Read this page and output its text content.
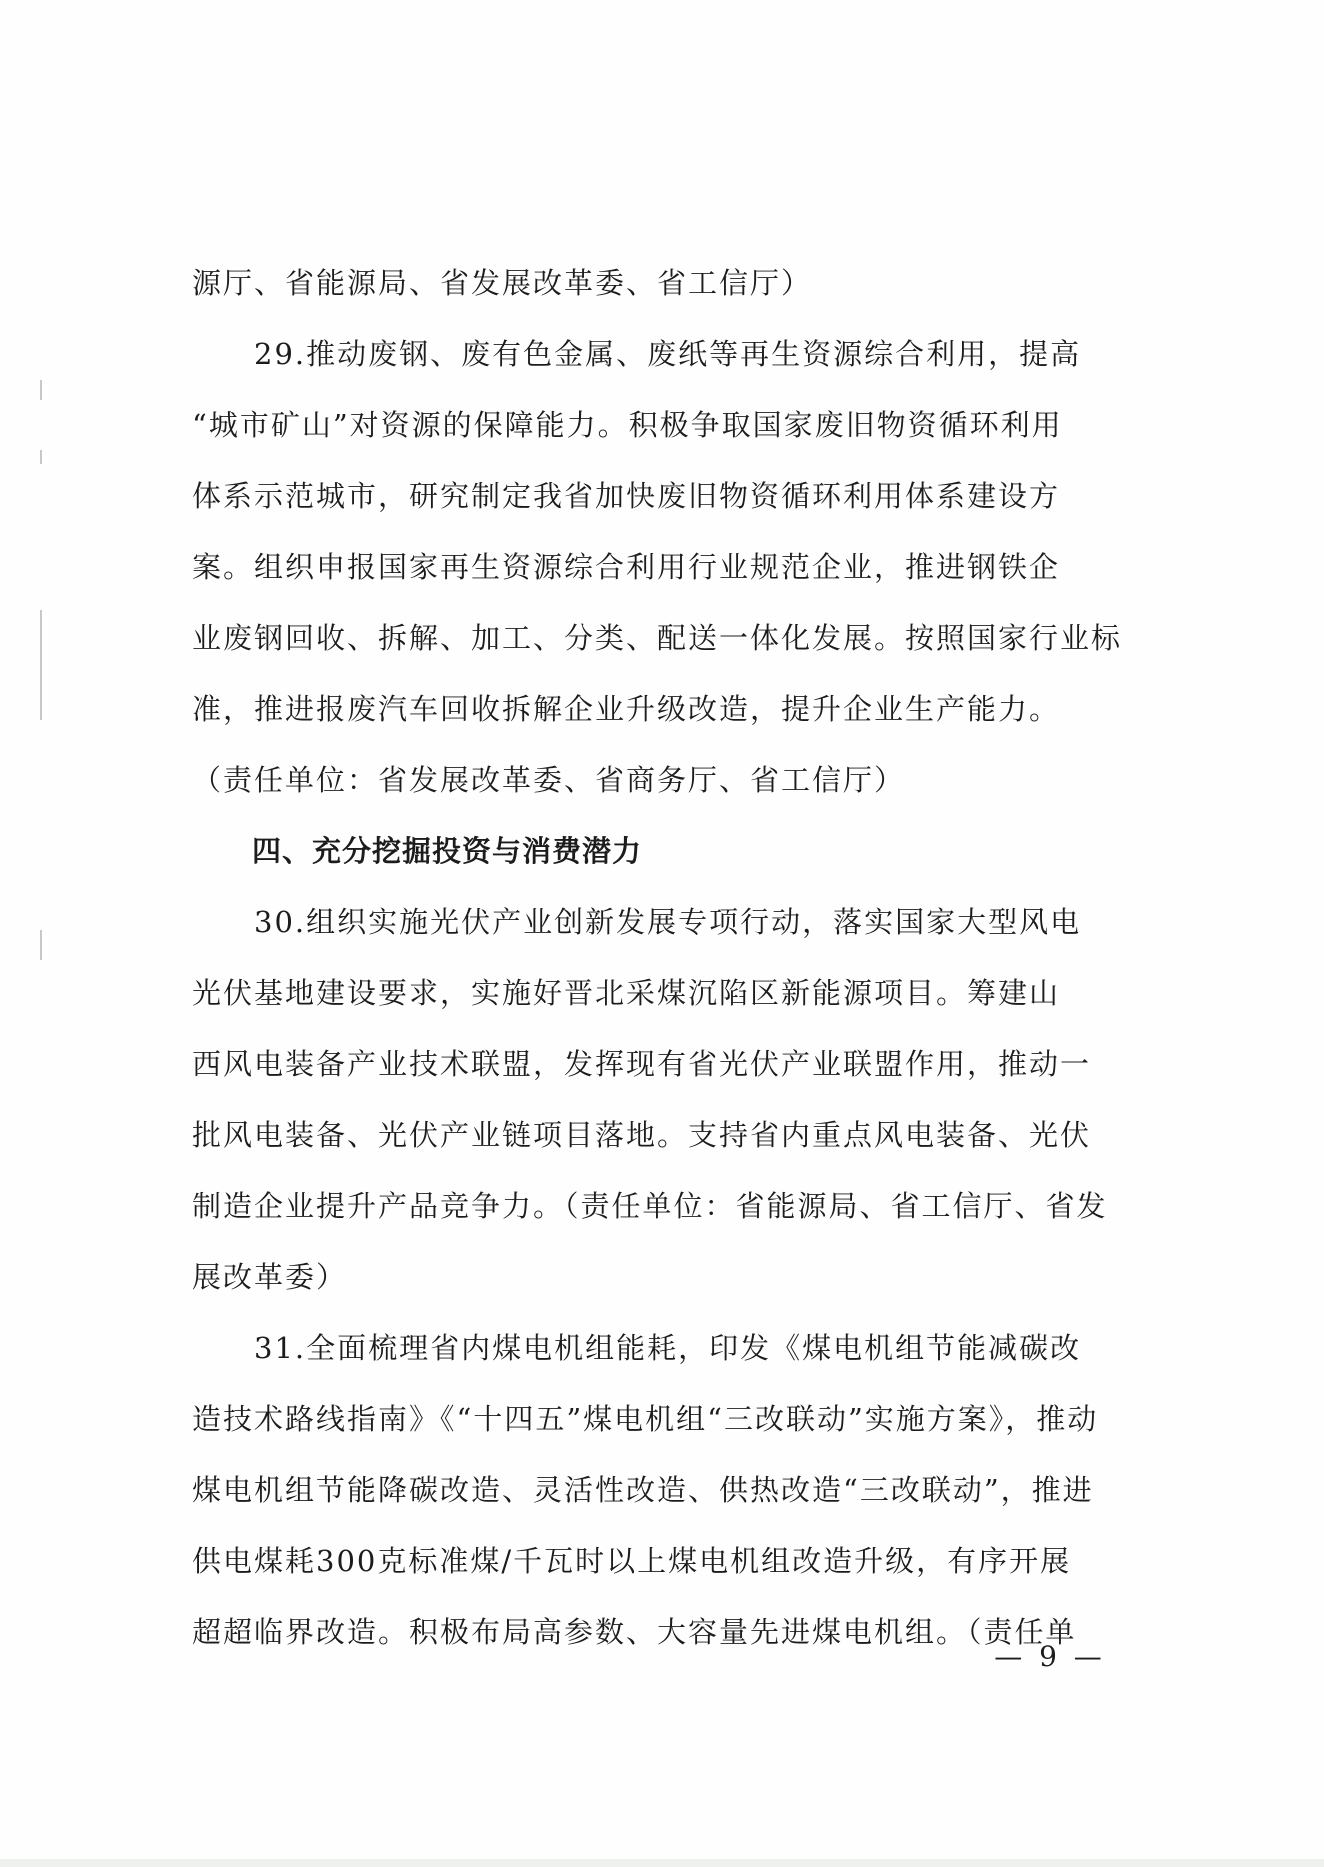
源厅、省能源局、省发展改革委、省工信厅）
　　29.推动废钢、废有色金属、废纸等再生资源综合利用，提高
“城市矿山”对资源的保障能力。积极争取国家废旧物资循环利用
体系示范城市，研究制定我省加快废旧物资循环利用体系建设方
案。组织申报国家再生资源综合利用行业规范企业，推进钢铁企
业废钢回收、拆解、加工、分类、配送一体化发展。按照国家行业标
准，推进报废汽车回收拆解企业升级改造，提升企业生产能力。
（责任单位：省发展改革委、省商务厅、省工信厅）
　　四、充分挖掘投资与消费潜力
　　30.组织实施光伏产业创新发展专项行动，落实国家大型风电
光伏基地建设要求，实施好晋北采煤沉陷区新能源项目。筹建山
西风电装备产业技术联盟，发挥现有省光伏产业联盟作用，推动一
批风电装备、光伏产业链项目落地。支持省内重点风电装备、光伏
制造企业提升产品竞争力。（责任单位：省能源局、省工信厅、省发
展改革委）
　　31.全面梳理省内煤电机组能耗，印发《煤电机组节能减碳改
造技术路线指南》《“十四五”煤电机组“三改联动”实施方案》，推动
煤电机组节能降碳改造、灵活性改造、供热改造“三改联动”，推进
供电煤耗300克标准煤/千瓦时以上煤电机组改造升级，有序开展
超超临界改造。积极布局高参数、大容量先进煤电机组。（责任单
— 9 —
